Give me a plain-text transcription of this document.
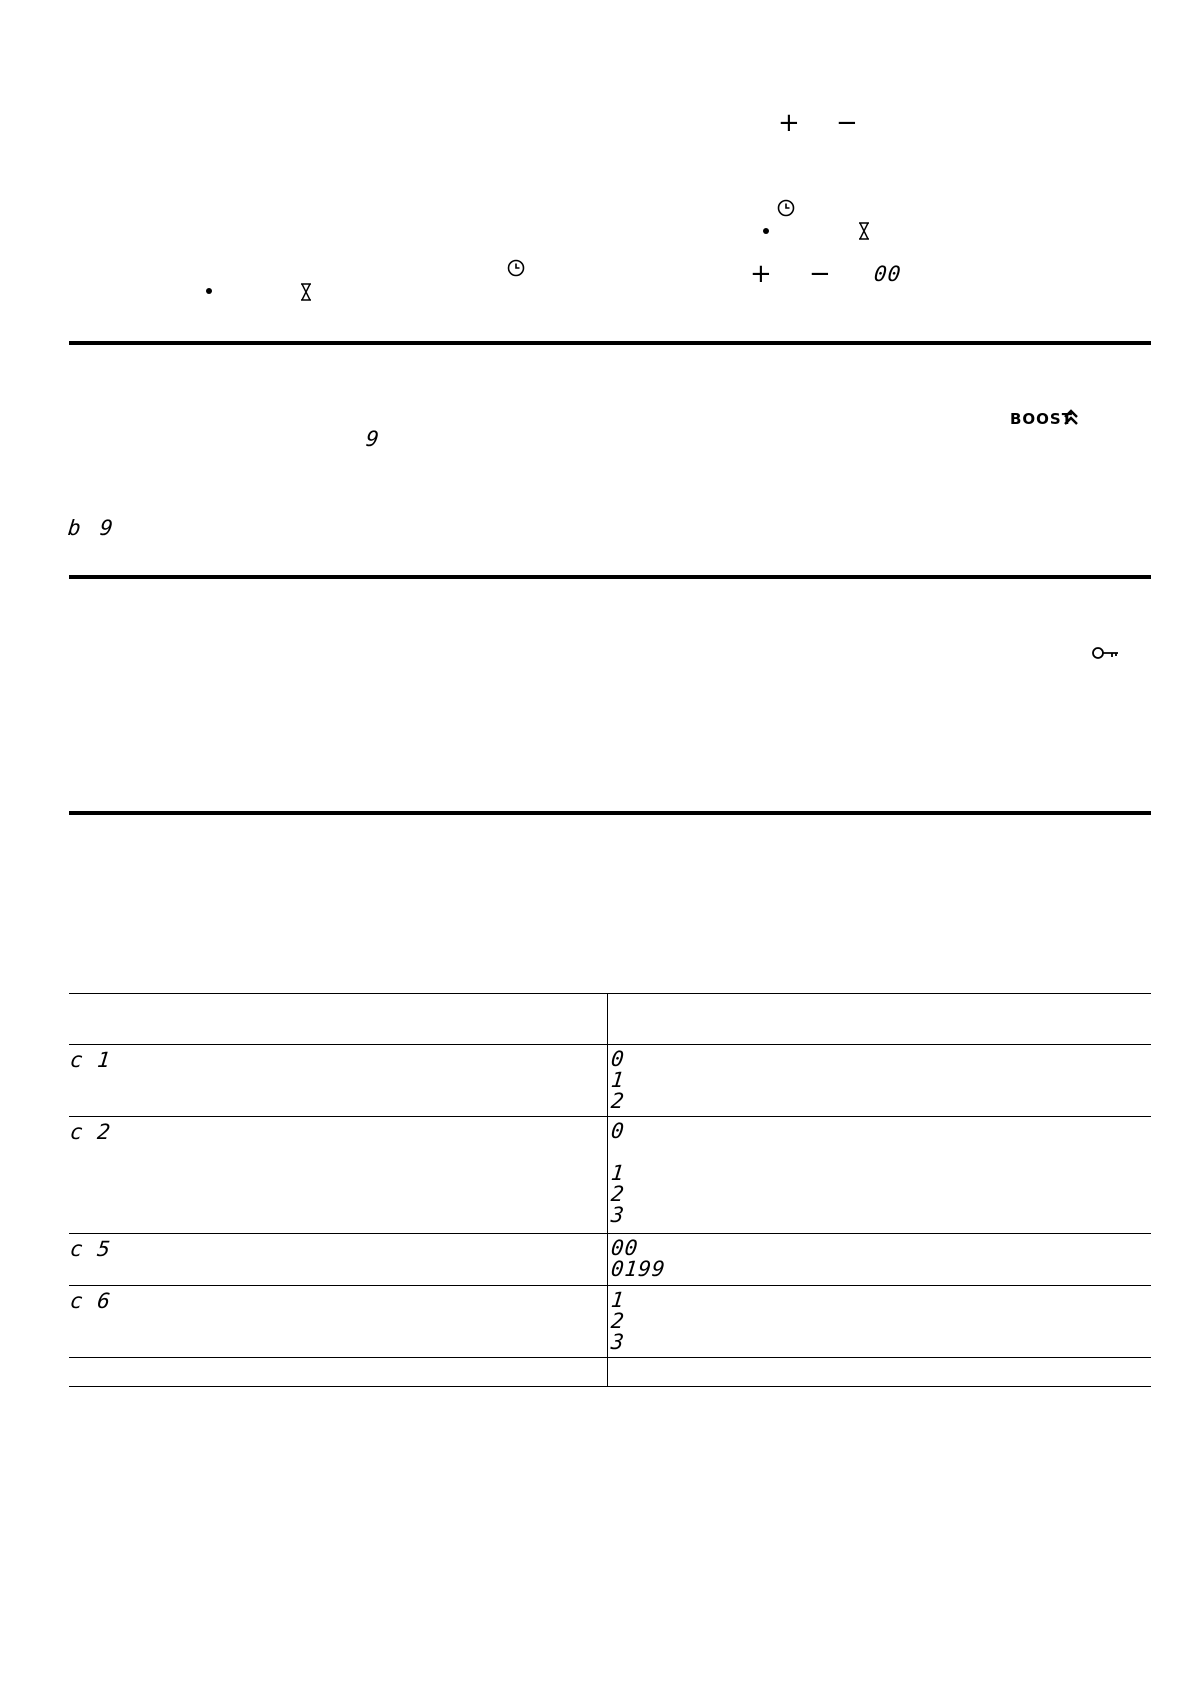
+ −
+ − 00
BOOST
9
b 9
c 1	0
1
2
c 2	0
1
2
3
c 5	00
0199
c 6	1
2
3
